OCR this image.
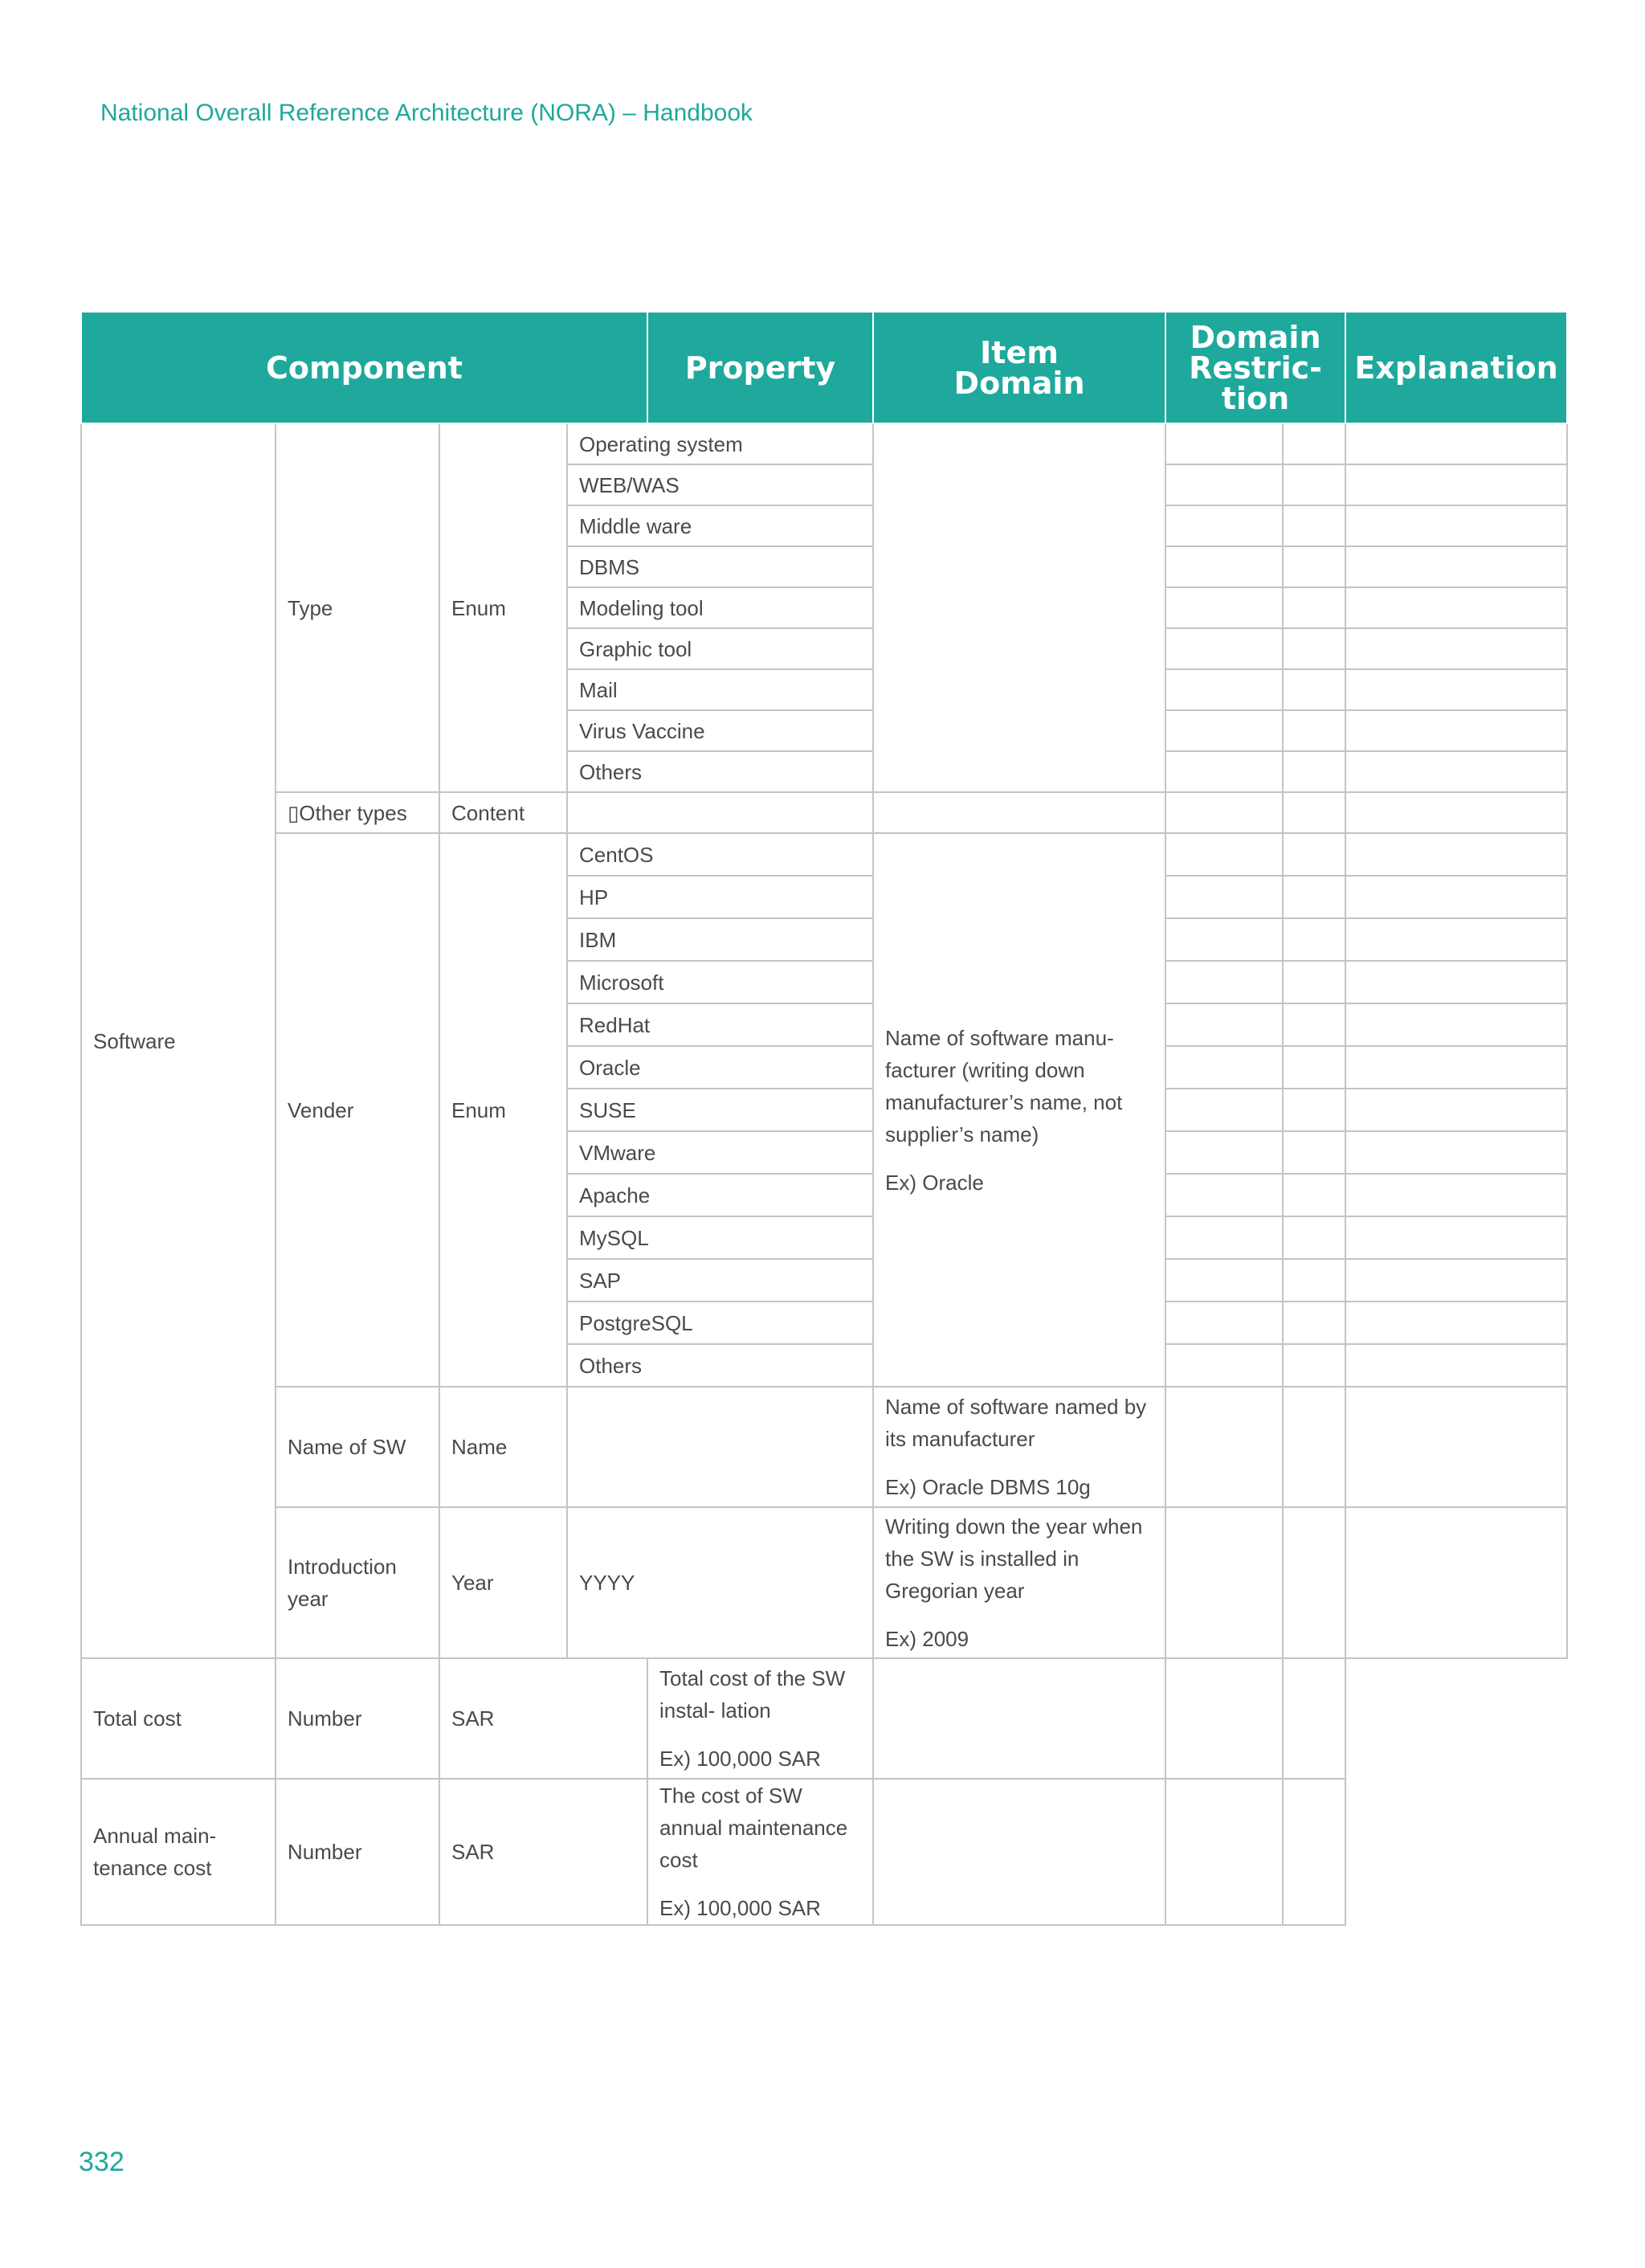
National Overall Reference Architecture (NORA) – Handbook
Component				Property	Item Domain	Domain Restric- tion		Explanation
Software	Type	Enum	Operating system					
			WEB/WAS					
			Middle ware					
			DBMS					
			Modeling tool					
			Graphic tool					
			Mail					
			Virus Vaccine					
			Others					
	▯Other types	Content						
	Vender	Enum	CentOS		Name of software manu- facturer (writing down manufacturer’s name, not supplier’s name)
Ex) Oracle			

			HP					
			IBM					
			Microsoft					
			RedHat					
			Oracle					
			SUSE					
			VMware					
			Apache					
			MySQL					
			SAP					
			PostgreSQL					
			Others					
	Name of SW	Name			Name of software named by its manufacturer
Ex) Oracle DBMS 10g			

	Introduction year	Year	YYYY		Writing down the year when the SW is installed in Gregorian year
Ex) 2009			

Total cost	Number	SAR		Total cost of the SW instal- lation
Ex) 100,000 SAR				

Annual main- tenance cost	Number	SAR		The cost of SW annual maintenance cost
Ex) 100,000 SAR				

332
